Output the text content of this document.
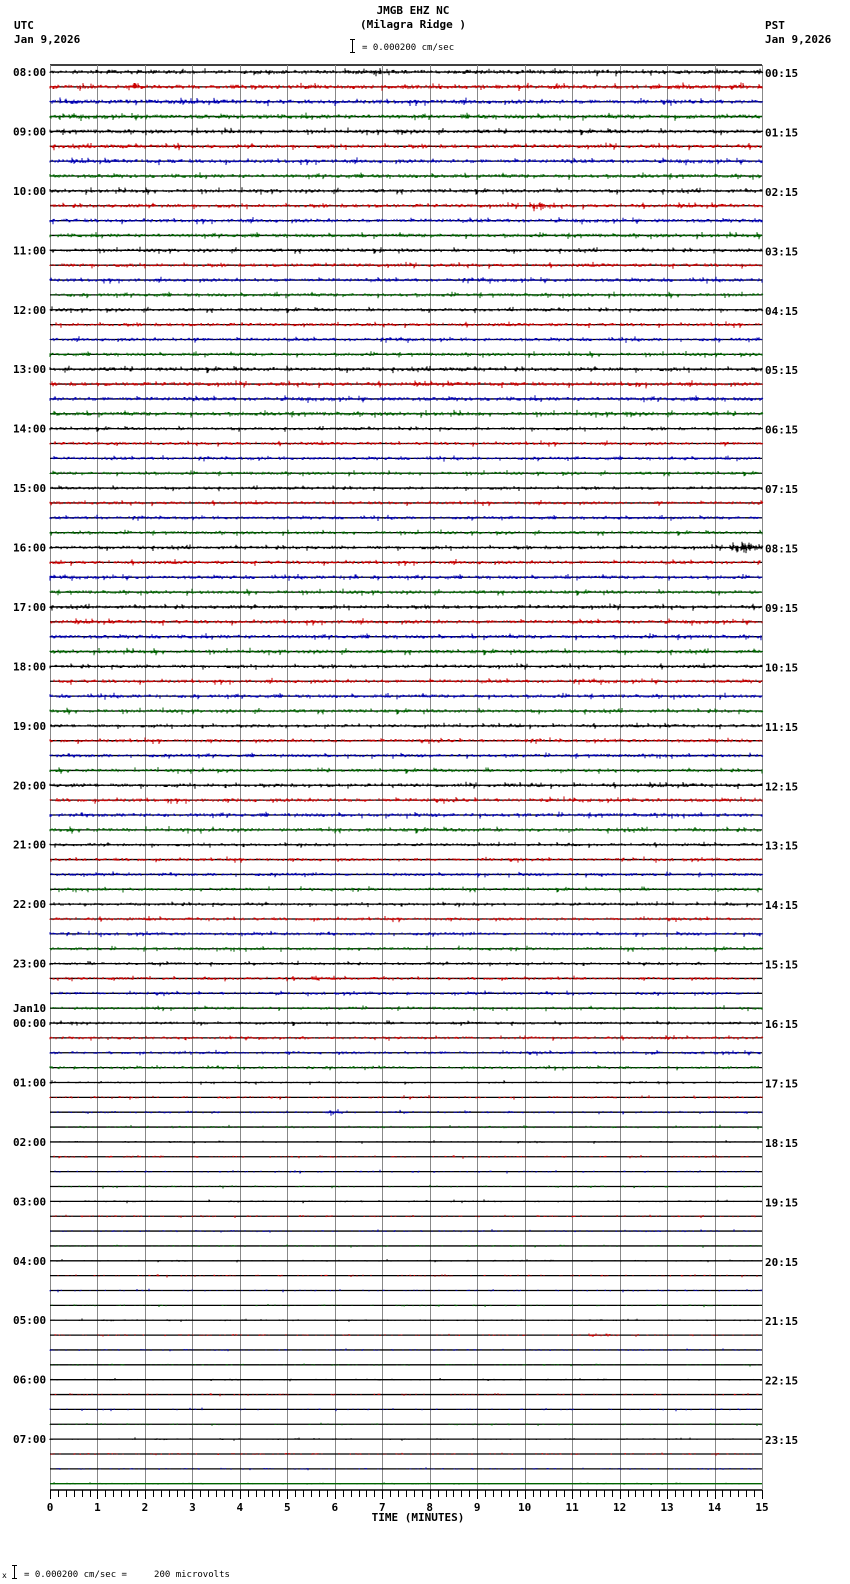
JMGB EHZ NC
(Milagra Ridge )
UTC
Jan 9,2026
PST
Jan 9,2026
= 0.000200 cm/sec
08:00
09:00
10:00
11:00
12:00
13:00
14:00
15:00
16:00
17:00
18:00
19:00
20:00
21:00
22:00
23:00
00:00
Jan10
01:00
02:00
03:00
04:00
05:00
06:00
07:00
00:15
01:15
02:15
03:15
04:15
05:15
06:15
07:15
08:15
09:15
10:15
11:15
12:15
13:15
14:15
15:15
16:15
17:15
18:15
19:15
20:15
21:15
22:15
23:15
0	1	2	3	4	5	6	7	8	9	10	11	12	13	14	15
TIME (MINUTES)
x = 0.000200 cm/sec =     200 microvolts
